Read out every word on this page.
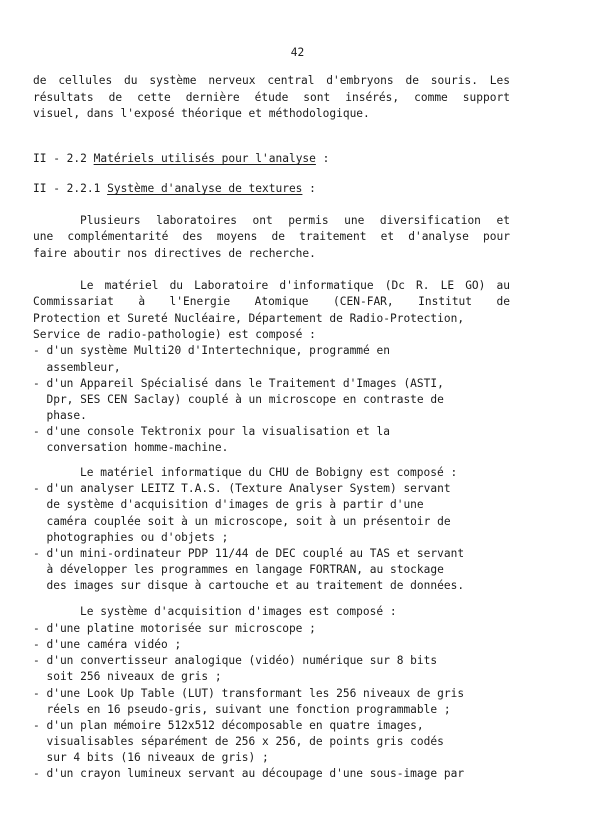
42
de cellules du système nerveux central d'embryons de souris. Les
résultats de cette dernière étude sont insérés, comme support
visuel, dans l'exposé théorique et méthodologique.
II - 2.2 Matériels utilisés pour l'analyse :
II - 2.2.1 Système d'analyse de textures :
Plusieurs laboratoires ont permis une diversification et
une complémentarité des moyens de traitement et d'analyse pour
faire aboutir nos directives de recherche.
Le matériel du Laboratoire d'informatique (Dc R. LE GO) au
Commissariat à l'Energie Atomique (CEN-FAR, Institut de
Protection et Sureté Nucléaire, Département de Radio-Protection,
Service de radio-pathologie) est composé :
- d'un système Multi20 d'Intertechnique, programmé en
assembleur,
- d'un Appareil Spécialisé dans le Traitement d'Images (ASTI,
Dpr, SES CEN Saclay) couplé à un microscope en contraste de
phase.
- d'une console Tektronix pour la visualisation et la
conversation homme-machine.
Le matériel informatique du CHU de Bobigny est composé :
- d'un analyser LEITZ T.A.S. (Texture Analyser System) servant
de système d'acquisition d'images de gris à partir d'une
caméra couplée soit à un microscope, soit à un présentoir de
photographies ou d'objets ;
- d'un mini-ordinateur PDP 11/44 de DEC couplé au TAS et servant
à développer les programmes en langage FORTRAN, au stockage
des images sur disque à cartouche et au traitement de données.
Le système d'acquisition d'images est composé :
- d'une platine motorisée sur microscope ;
- d'une caméra vidéo ;
- d'un convertisseur analogique (vidéo) numérique sur 8 bits
soit 256 niveaux de gris ;
- d'une Look Up Table (LUT) transformant les 256 niveaux de gris
réels en 16 pseudo-gris, suivant une fonction programmable ;
- d'un plan mémoire 512x512 décomposable en quatre images,
visualisables séparément de 256 x 256, de points gris codés
sur 4 bits (16 niveaux de gris) ;
- d'un crayon lumineux servant au découpage d'une sous-image par
